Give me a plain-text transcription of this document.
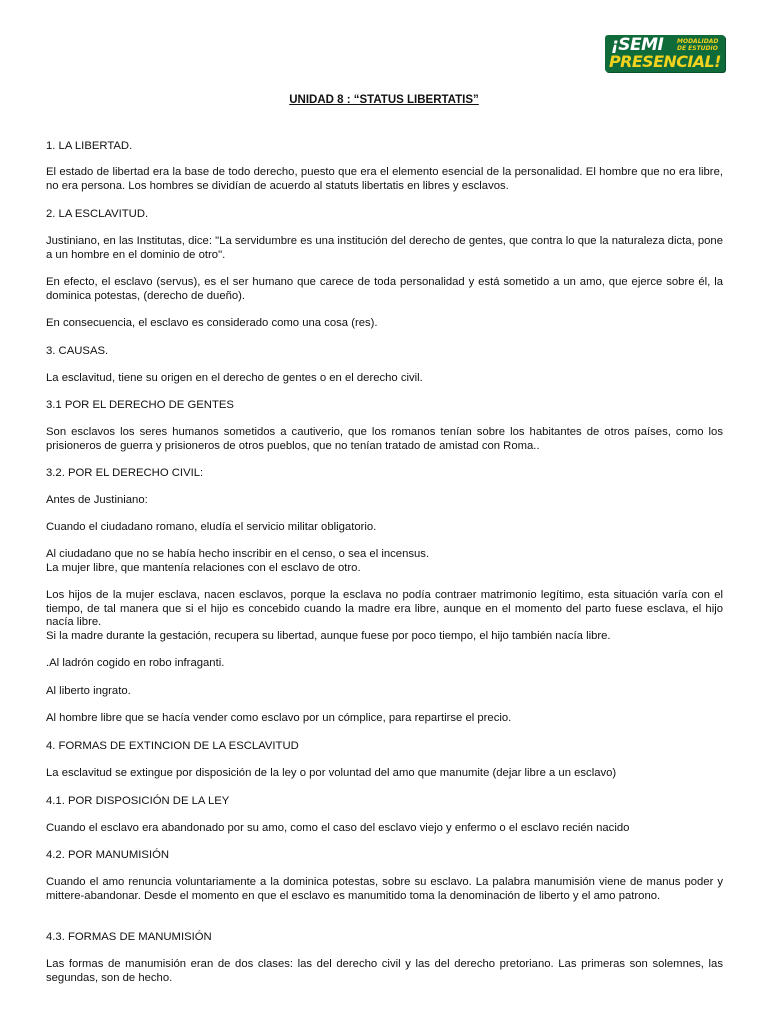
¡SEMI MODALIDAD DE ESTUDIO
PRESENCIAL!
UNIDAD 8 : “STATUS LIBERTATIS”
1. LA LIBERTAD.
El estado de libertad era la base de todo derecho, puesto que era el elemento esencial de la personalidad. El hombre que no era libre, no era persona. Los hombres se dividían de acuerdo al statuts libertatis en libres y esclavos.
2. LA ESCLAVITUD.
Justiniano, en las Institutas, dice: "La servidumbre es una institución del derecho de gentes, que contra lo que la naturaleza dicta, pone a un hombre en el dominio de otro".
En efecto, el esclavo (servus), es el ser humano que carece de toda personalidad y está sometido a un amo, que ejerce sobre él, la dominica potestas, (derecho de dueño).
En consecuencia, el esclavo es considerado como una cosa (res).
3. CAUSAS.
La esclavitud, tiene su origen en el derecho de gentes o en el derecho civil.
3.1 POR EL DERECHO DE GENTES
Son esclavos los seres humanos sometidos a cautiverio, que los romanos tenían sobre los habitantes de otros países, como los prisioneros de guerra y prisioneros de otros pueblos, que no tenían tratado de amistad con Roma..
3.2. POR EL DERECHO CIVIL:
Antes de Justiniano:
Cuando el ciudadano romano, eludía el servicio militar obligatorio.
Al ciudadano que no se había hecho inscribir en el censo, o sea el incensus.
La mujer libre, que mantenía relaciones con el esclavo de otro.
Los hijos de la mujer esclava, nacen esclavos, porque la esclava no podía contraer matrimonio legítimo, esta situación varía con el tiempo, de tal manera que si el hijo es concebido cuando la madre era libre, aunque en el momento del parto fuese esclava, el hijo nacía libre.
Si la madre durante la gestación, recupera su libertad, aunque fuese por poco tiempo, el hijo también nacía libre.
.Al ladrón cogido en robo infraganti.
Al liberto ingrato.
Al hombre libre que se hacía vender como esclavo por un cómplice, para repartirse el precio.
4. FORMAS DE EXTINCION DE LA ESCLAVITUD
La esclavitud se extingue por disposición de la ley o por voluntad del amo que manumite (dejar libre a un esclavo)
4.1. POR DISPOSICIÓN DE LA LEY
Cuando el esclavo era abandonado por su amo, como el caso del esclavo viejo y enfermo o el esclavo recién nacido
4.2. POR MANUMISIÓN
Cuando el amo renuncia voluntariamente a la dominica potestas, sobre su esclavo. La palabra manumisión viene de manus poder y mittere-abandonar. Desde el momento en que el esclavo es manumitido toma la denominación de liberto y el amo patrono.
4.3. FORMAS DE MANUMISIÓN
Las formas de manumisión eran de dos clases: las del derecho civil y las del derecho pretoriano. Las primeras son solemnes, las segundas, son de hecho.
